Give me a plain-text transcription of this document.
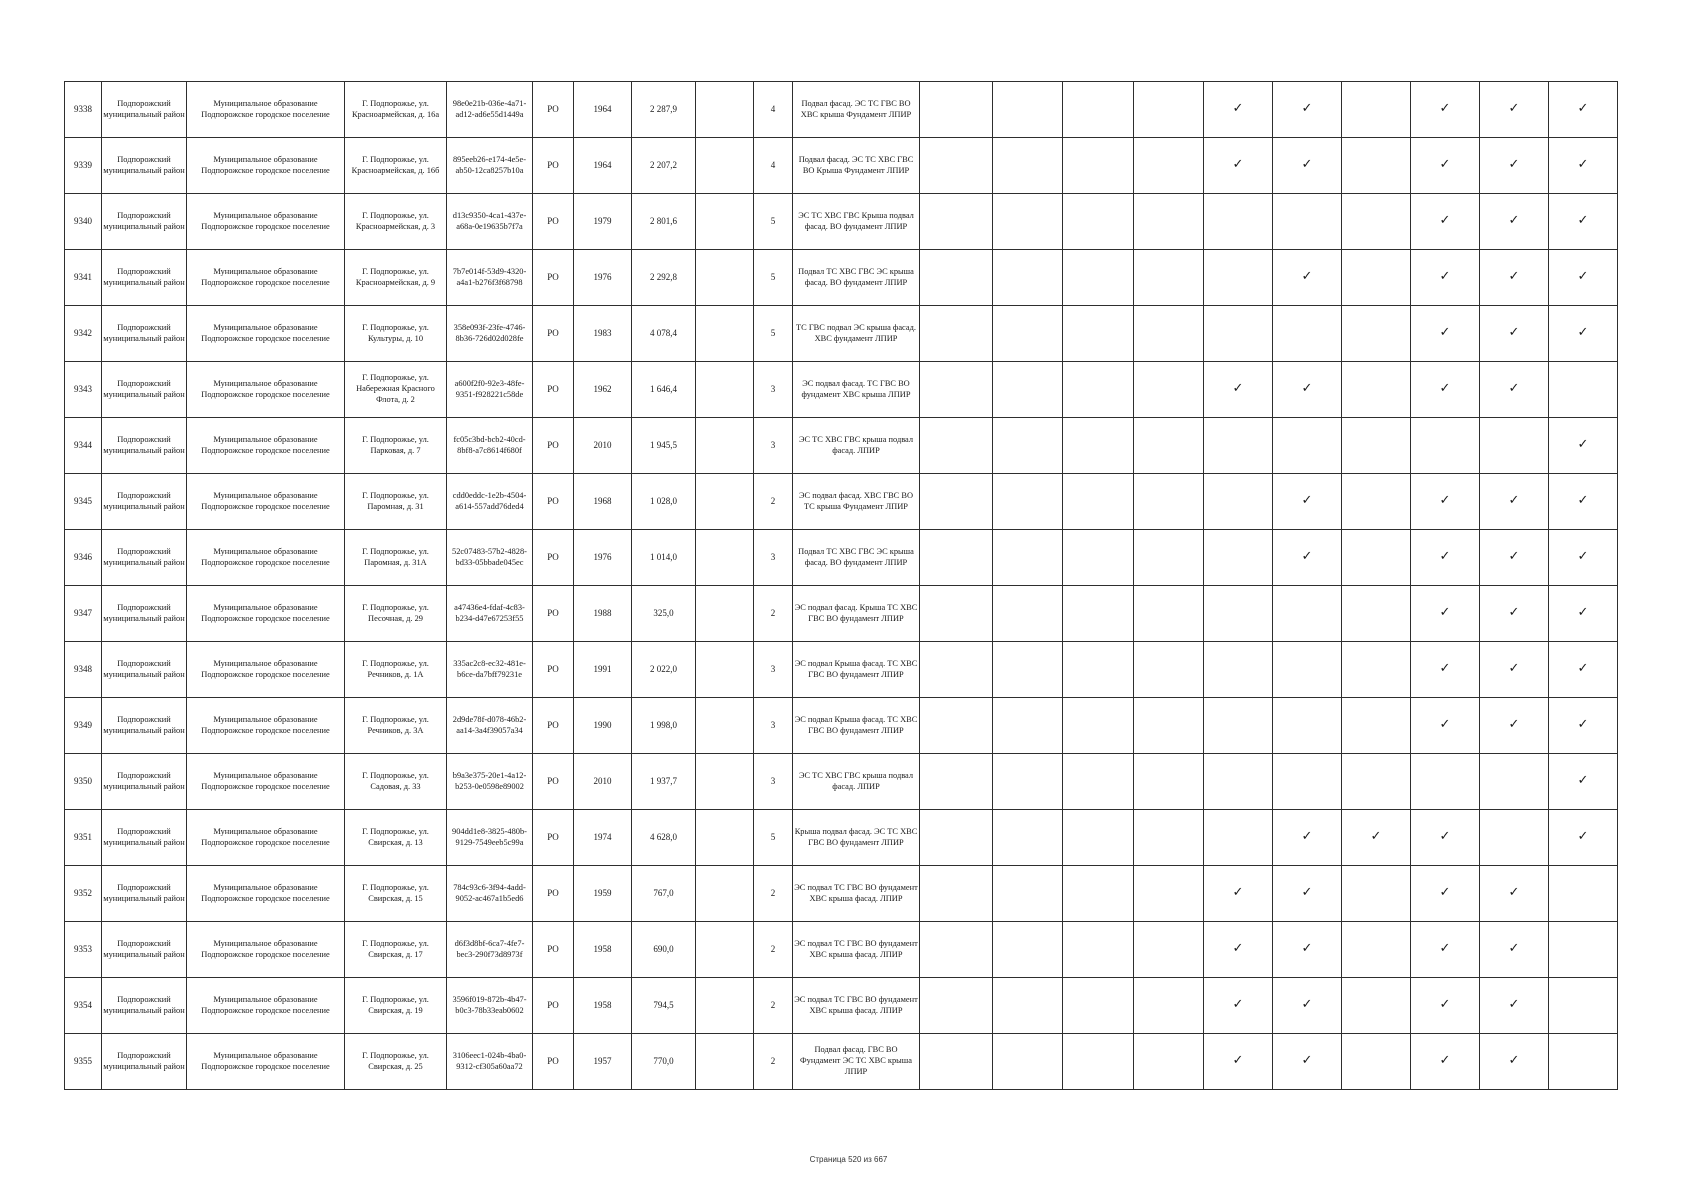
9338	Подпорожский муниципальный район	Муниципальное образование Подпорожское городское поселение	Г. Подпорожье, ул. Красноармейская, д. 16а	98e0e21b-036e-4a71-ad12-ad6e55d1449a	РО	1964	2 287,9		4	Подвал фасад. ЭС ТС ГВС ВО ХВС крыша Фундамент ЛПИР					✓	✓		✓	✓	✓
9339	Подпорожский муниципальный район	Муниципальное образование Подпорожское городское поселение	Г. Подпорожье, ул. Красноармейская, д. 16б	895eeb26-e174-4e5e-ab50-12ca8257b10a	РО	1964	2 207,2		4	Подвал фасад. ЭС ТС ХВС ГВС ВО Крыша Фундамент ЛПИР					✓	✓		✓	✓	✓
9340	Подпорожский муниципальный район	Муниципальное образование Подпорожское городское поселение	Г. Подпорожье, ул. Красноармейская, д. 3	d13c9350-4ca1-437e-a68a-0e19635b7f7a	РО	1979	2 801,6		5	ЭС ТС ХВС ГВС Крыша подвал фасад. ВО фундамент ЛПИР								✓	✓	✓
9341	Подпорожский муниципальный район	Муниципальное образование Подпорожское городское поселение	Г. Подпорожье, ул. Красноармейская, д. 9	7b7e014f-53d9-4320-a4a1-b276f3f68798	РО	1976	2 292,8		5	Подвал ТС ХВС ГВС ЭС крыша фасад. ВО фундамент ЛПИР						✓		✓	✓	✓
9342	Подпорожский муниципальный район	Муниципальное образование Подпорожское городское поселение	Г. Подпорожье, ул. Культуры, д. 10	358e093f-23fe-4746-8b36-726d02d028fe	РО	1983	4 078,4		5	ТС ГВС подвал ЭС крыша фасад. ХВС фундамент ЛПИР								✓	✓	✓
9343	Подпорожский муниципальный район	Муниципальное образование Подпорожское городское поселение	Г. Подпорожье, ул. Набережная Красного Флота, д. 2	a600f2f0-92e3-48fe-9351-f928221c58de	РО	1962	1 646,4		3	ЭС подвал фасад. ТС ГВС ВО фундамент ХВС крыша ЛПИР					✓	✓		✓	✓	
9344	Подпорожский муниципальный район	Муниципальное образование Подпорожское городское поселение	Г. Подпорожье, ул. Парковая, д. 7	fc05c3bd-bcb2-40cd-8bf8-a7c8614f680f	РО	2010	1 945,5		3	ЭС ТС ХВС ГВС крыша подвал фасад. ЛПИР										✓
9345	Подпорожский муниципальный район	Муниципальное образование Подпорожское городское поселение	Г. Подпорожье, ул. Паромная, д. 31	cdd0eddc-1e2b-4504-a614-557add76ded4	РО	1968	1 028,0		2	ЭС подвал фасад. ХВС ГВС ВО ТС крыша Фундамент ЛПИР						✓		✓	✓	✓
9346	Подпорожский муниципальный район	Муниципальное образование Подпорожское городское поселение	Г. Подпорожье, ул. Паромная, д. 31А	52c07483-57b2-4828-bd33-05bbade045ec	РО	1976	1 014,0		3	Подвал ТС ХВС ГВС ЭС крыша фасад. ВО фундамент ЛПИР						✓		✓	✓	✓
9347	Подпорожский муниципальный район	Муниципальное образование Подпорожское городское поселение	Г. Подпорожье, ул. Песочная, д. 29	a47436e4-fdaf-4c83-b234-d47e67253f55	РО	1988	325,0		2	ЭС подвал фасад. Крыша ТС ХВС ГВС ВО фундамент ЛПИР								✓	✓	✓
9348	Подпорожский муниципальный район	Муниципальное образование Подпорожское городское поселение	Г. Подпорожье, ул. Речников, д. 1А	335ac2c8-ec32-481e-b6ce-da7bff79231e	РО	1991	2 022,0		3	ЭС подвал Крыша фасад. ТС ХВС ГВС ВО фундамент ЛПИР								✓	✓	✓
9349	Подпорожский муниципальный район	Муниципальное образование Подпорожское городское поселение	Г. Подпорожье, ул. Речников, д. 3А	2d9de78f-d078-46b2-aa14-3a4f39057a34	РО	1990	1 998,0		3	ЭС подвал Крыша фасад. ТС ХВС ГВС ВО фундамент ЛПИР								✓	✓	✓
9350	Подпорожский муниципальный район	Муниципальное образование Подпорожское городское поселение	Г. Подпорожье, ул. Садовая, д. 33	b9a3e375-20e1-4a12-b253-0e0598e89002	РО	2010	1 937,7		3	ЭС ТС ХВС ГВС крыша подвал фасад. ЛПИР										✓
9351	Подпорожский муниципальный район	Муниципальное образование Подпорожское городское поселение	Г. Подпорожье, ул. Свирская, д. 13	904dd1e8-3825-480b-9129-7549eeb5c99a	РО	1974	4 628,0		5	Крыша подвал фасад. ЭС ТС ХВС ГВС ВО фундамент ЛПИР						✓	✓	✓		✓
9352	Подпорожский муниципальный район	Муниципальное образование Подпорожское городское поселение	Г. Подпорожье, ул. Свирская, д. 15	784c93c6-3f94-4add-9052-ac467a1b5ed6	РО	1959	767,0		2	ЭС подвал ТС ГВС ВО фундамент ХВС крыша фасад. ЛПИР					✓	✓		✓	✓	
9353	Подпорожский муниципальный район	Муниципальное образование Подпорожское городское поселение	Г. Подпорожье, ул. Свирская, д. 17	d6f3d8bf-6ca7-4fe7-bec3-290f73d8973f	РО	1958	690,0		2	ЭС подвал ТС ГВС ВО фундамент ХВС крыша фасад. ЛПИР					✓	✓		✓	✓	
9354	Подпорожский муниципальный район	Муниципальное образование Подпорожское городское поселение	Г. Подпорожье, ул. Свирская, д. 19	3596f019-872b-4b47-b0c3-78b33eab0602	РО	1958	794,5		2	ЭС подвал ТС ГВС ВО фундамент ХВС крыша фасад. ЛПИР					✓	✓		✓	✓	
9355	Подпорожский муниципальный район	Муниципальное образование Подпорожское городское поселение	Г. Подпорожье, ул. Свирская, д. 25	3106eec1-024b-4ba0-9312-cf305a60aa72	РО	1957	770,0		2	Подвал фасад. ГВС ВО Фундамент ЭС ТС ХВС крыша ЛПИР					✓	✓		✓	✓	
Страница 520 из 667
